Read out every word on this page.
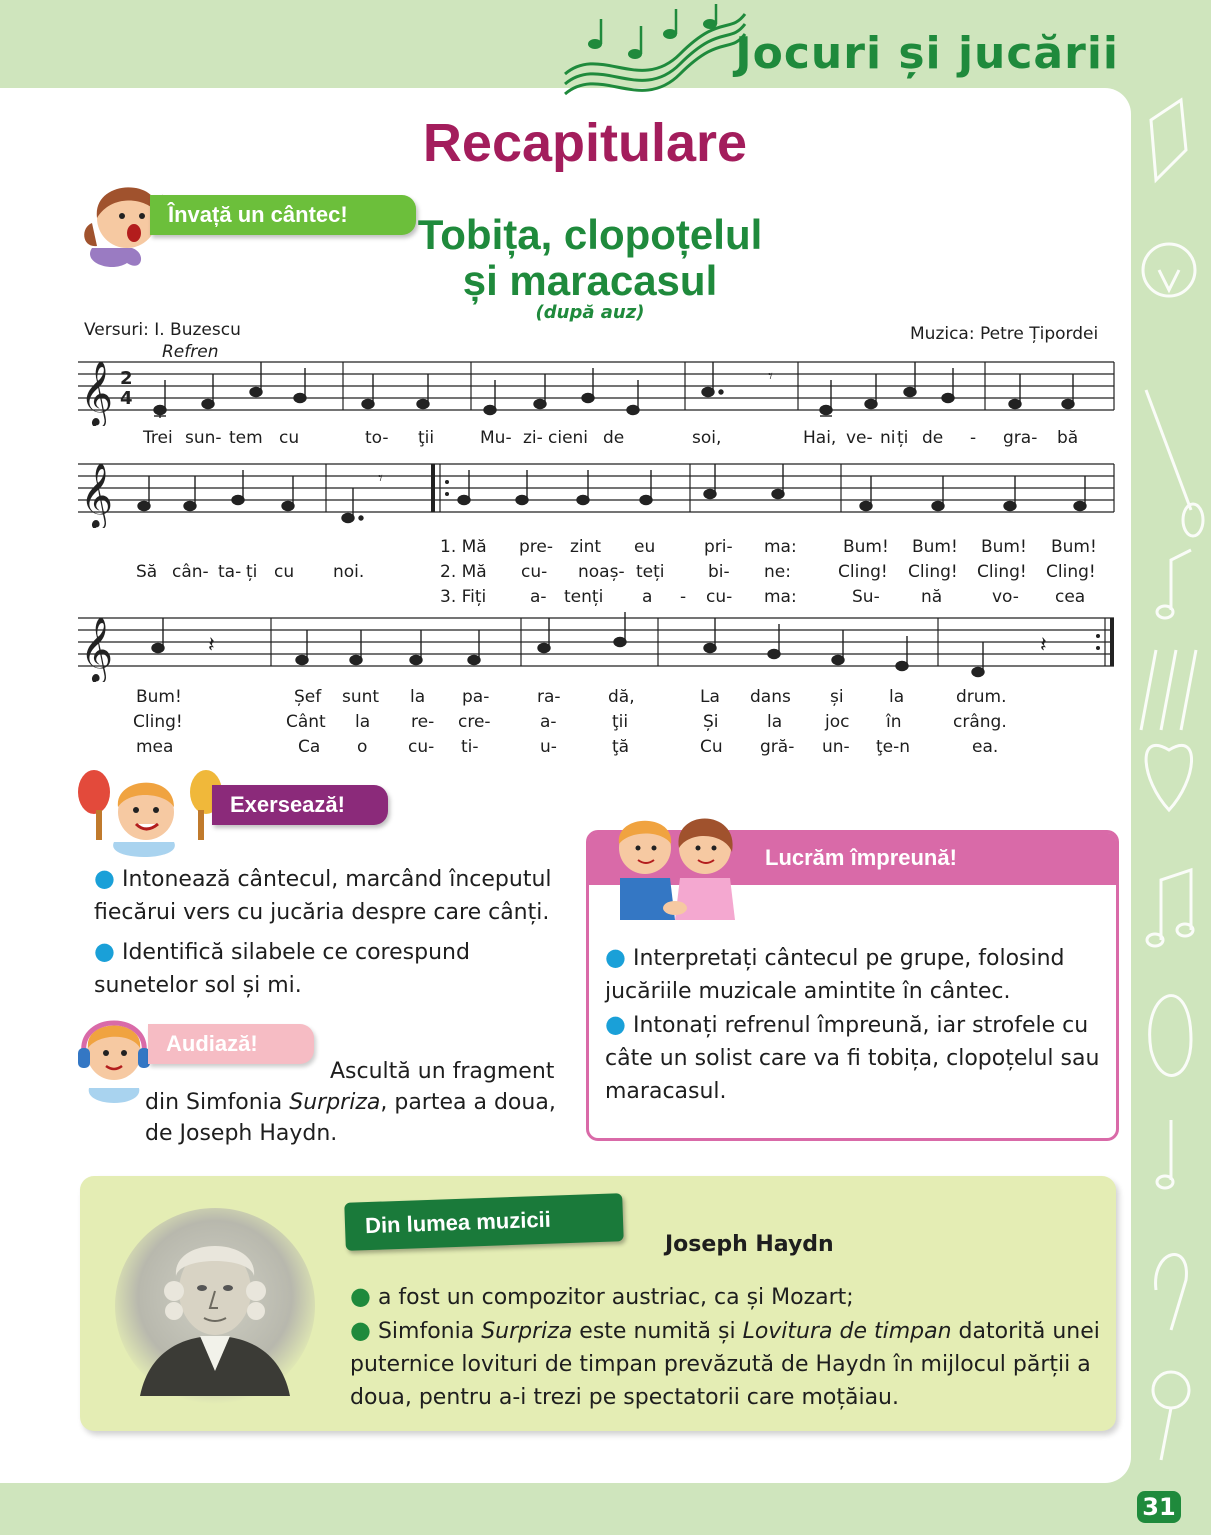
Jocuri și jucării
Recapitulare
Învață un cântec!	Tobița, clopoțelul
și maracasul
(după auz)
Versuri: I. Buzescu	Muzica: Petre Țipordei
Refren
𝄞 2
4
𝄾
Trei sun- tem cu	to- ţii	Mu- zi- cieni de	soi,	Hai, ve- ni ți de - gra- bă
𝄞	𝄾
Să cân- ta- ți cu noi.
1. Mă pre- zint eu	pri- ma:	Bum! Bum! Bum! Bum!
2. Mă cu- noaș- teți	bi- ne:	Cling! Cling! Cling! Cling!
3. Fiți	a- tenți a - cu- ma:	Su- nă	vo- cea
𝄞	𝄽	𝄽
Bum!	Șef sunt la pa-	ra-	dă,	La dans și	la	drum.
Cling!	Cânt la re- cre-	a-	ţii	Și	la	joc în	crâng.
mea	Ca o cu- ti-	u-	ţă	Cu gră- un- ţe-n	ea.
Exersează!

● Intonează cântecul, marcând începutul fiecărui vers cu jucăria despre care cânți.

● Identifică silabele ce corespund sunetelor sol și mi.

Audiază!
Ascultă un fragment din Simfonia Surpriza, partea a doua, de Joseph Haydn.
Lucrăm împreună!

● Interpretați cântecul pe grupe, folosind jucăriile muzicale amintite în cântec.

● Intonați refrenul împreună, iar strofele cu câte un solist care va fi tobița, clopoțelul sau maracasul.

Din lumea muzicii
Joseph Haydn

● a fost un compozitor austriac, ca și Mozart;

● Simfonia Surpriza este numită și Lovitura de timpan datorită unei puternice lovituri de timpan prevăzută de Haydn în mijlocul părții a doua, pentru a-i trezi pe spectatorii care moțăiau.

31
